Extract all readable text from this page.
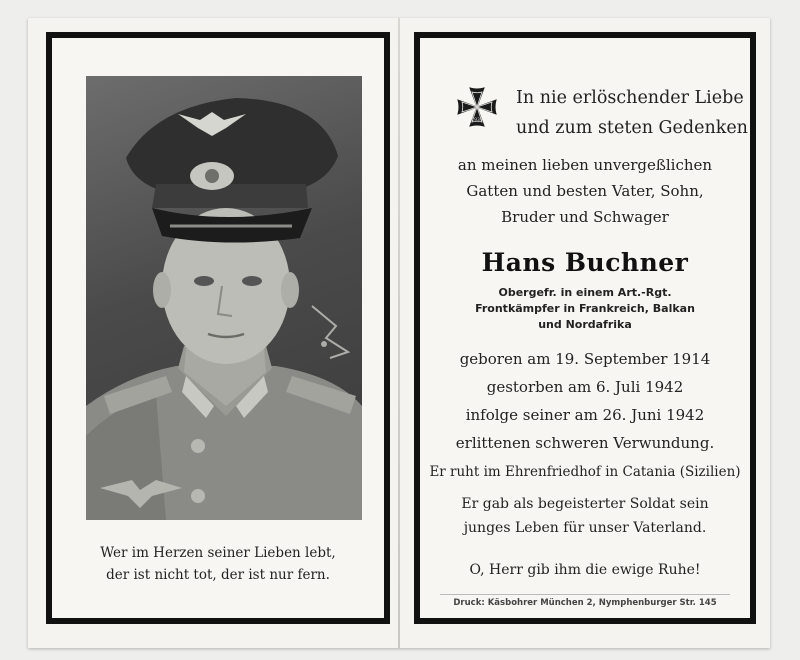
Wer im Herzen seiner Lieben lebt,
der ist nicht tot, der ist nur fern.
1939
In nie erlöschender Liebe
und zum steten Gedenken
an meinen lieben unvergeßlichen
Gatten und besten Vater, Sohn,
Bruder und Schwager
Hans Buchner
Obergefr. in einem Art.-Rgt.
Frontkämpfer in Frankreich, Balkan
und Nordafrika
geboren am 19. September 1914
gestorben am 6. Juli 1942
infolge seiner am 26. Juni 1942
erlittenen schweren Verwundung.
Er ruht im Ehrenfriedhof in Catania (Sizilien)
Er gab als begeisterter Soldat sein
junges Leben für unser Vaterland.
O, Herr gib ihm die ewige Ruhe!
Druck: Käsbohrer München 2, Nymphenburger Str. 145
